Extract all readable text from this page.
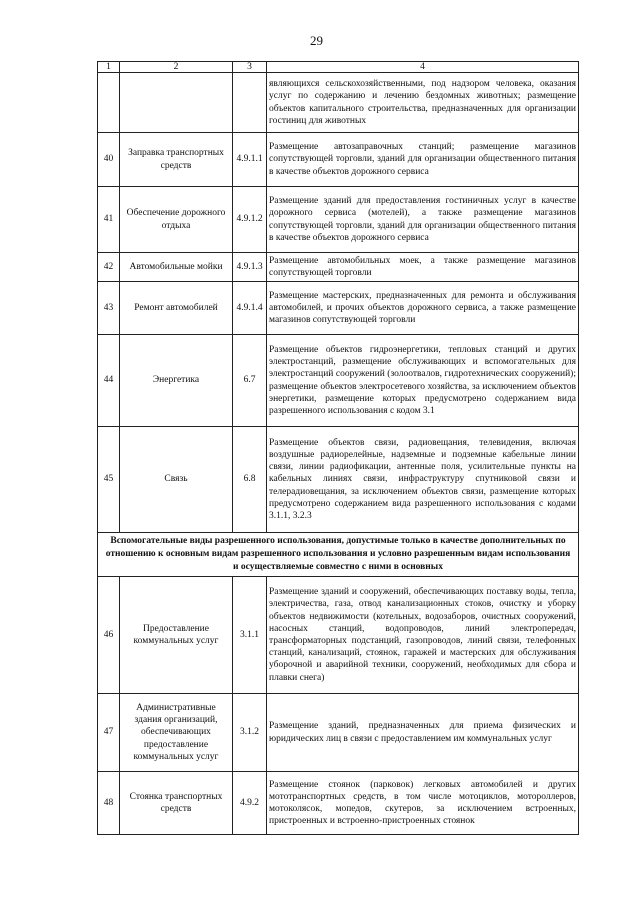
29
1	2	3	4
			являющихся сельскохозяйственными, под надзором человека, оказания услуг по содержанию и лечению бездомных животных; размещение объектов капитального строительства, предназначенных для организации гостиниц для животных
40	Заправка транспортных средств	4.9.1.1	Размещение автозаправочных станций; размещение магазинов сопутствующей торговли, зданий для организации общественного питания в качестве объектов дорожного сервиса
41	Обеспечение дорожного отдыха	4.9.1.2	Размещение зданий для предоставления гостиничных услуг в качестве дорожного сервиса (мотелей), а также размещение магазинов сопутствующей торговли, зданий для организации общественного питания в качестве объектов дорожного сервиса
42	Автомобильные мойки	4.9.1.3	Размещение автомобильных моек, а также размещение магазинов сопутствующей торговли
43	Ремонт автомобилей	4.9.1.4	Размещение мастерских, предназначенных для ремонта и обслуживания автомобилей, и прочих объектов дорожного сервиса, а также размещение магазинов сопутствующей торговли
44	Энергетика	6.7	Размещение объектов гидроэнергетики, тепловых станций и других электростанций, размещение обслуживающих и вспомогательных для электростанций сооружений (золоотвалов, гидротехнических сооружений); размещение объектов электросетевого хозяйства, за исключением объектов энергетики, размещение которых предусмотрено содержанием вида разрешенного использования с кодом 3.1
45	Связь	6.8	Размещение объектов связи, радиовещания, телевидения, включая воздушные радиорелейные, надземные и подземные кабельные линии связи, линии радиофикации, антенные поля, усилительные пункты на кабельных линиях связи, инфраструктуру спутниковой связи и телерадиовещания, за исключением объектов связи, размещение которых предусмотрено содержанием вида разрешенного использования с кодами 3.1.1, 3.2.3
Вспомогательные виды разрешенного использования, допустимые только в качестве дополнительных по отношению к основным видам разрешенного использования и условно разрешенным видам использования и осуществляемые совместно с ними в основных			
46	Предоставление коммунальных услуг	3.1.1	Размещение зданий и сооружений, обеспечивающих поставку воды, тепла, электричества, газа, отвод канализационных стоков, очистку и уборку объектов недвижимости (котельных, водозаборов, очистных сооружений, насосных станций, водопроводов, линий электропередач, трансформаторных подстанций, газопроводов, линий связи, телефонных станций, канализаций, стоянок, гаражей и мастерских для обслуживания уборочной и аварийной техники, сооружений, необходимых для сбора и плавки снега)
47	Административные здания организаций, обеспечивающих предоставление коммунальных услуг	3.1.2	Размещение зданий, предназначенных для приема физических и юридических лиц в связи с предоставлением им коммунальных услуг
48	Стоянка транспортных средств	4.9.2	Размещение стоянок (парковок) легковых автомобилей и других мототранспортных средств, в том числе мотоциклов, мотороллеров, мотоколясок, мопедов, скутеров, за исключением встроенных, пристроенных и встроенно-пристроенных стоянок
